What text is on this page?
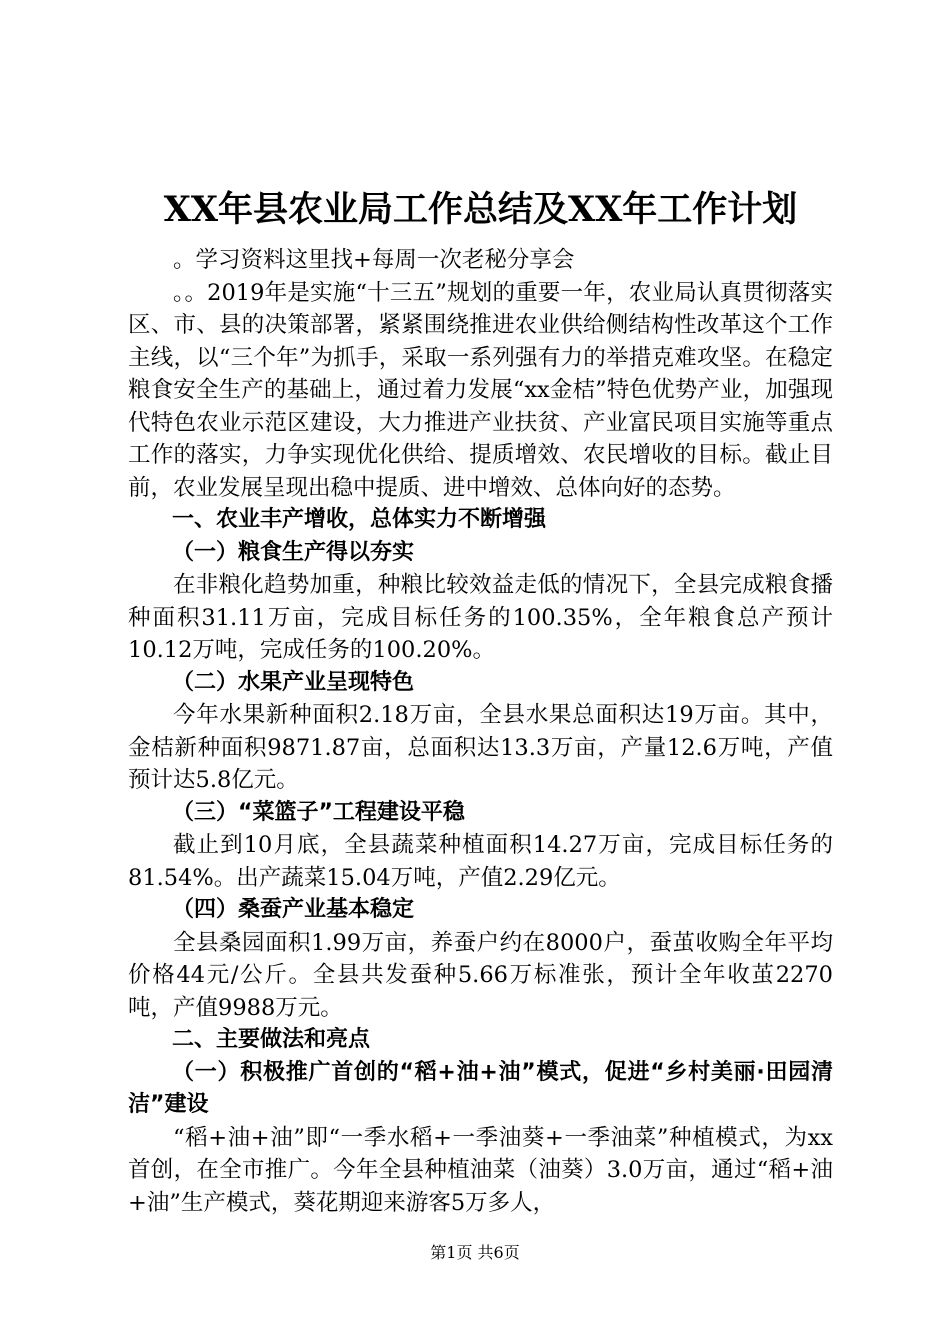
XX年县农业局工作总结及XX年工作计划

。学习资料这里找+每周一次老秘分享会

。。2019年是实施“十三五”规划的重要一年，农业局认真贯彻落实区、市、县的决策部署，紧紧围绕推进农业供给侧结构性改革这个工作主线，以“三个年”为抓手，采取一系列强有力的举措克难攻坚。在稳定粮食安全生产的基础上，通过着力发展“xx金桔”特色优势产业，加强现代特色农业示范区建设，大力推进产业扶贫、产业富民项目实施等重点工作的落实，力争实现优化供给、提质增效、农民增收的目标。截止目前，农业发展呈现出稳中提质、进中增效、总体向好的态势。

一、农业丰产增收，总体实力不断增强

（一）粮食生产得以夯实

在非粮化趋势加重，种粮比较效益走低的情况下，全县完成粮食播种面积31.11万亩，完成目标任务的100.35%，全年粮食总产预计10.12万吨，完成任务的100.20%。

（二）水果产业呈现特色

今年水果新种面积2.18万亩，全县水果总面积达19万亩。其中，金桔新种面积9871.87亩，总面积达13.3万亩，产量12.6万吨，产值预计达5.8亿元。

（三）“菜篮子”工程建设平稳

截止到10月底，全县蔬菜种植面积14.27万亩，完成目标任务的81.54%。出产蔬菜15.04万吨，产值2.29亿元。

（四）桑蚕产业基本稳定

全县桑园面积1.99万亩，养蚕户约在8000户，蚕茧收购全年平均价格44元/公斤。全县共发蚕种5.66万标准张，预计全年收茧2270吨，产值9988万元。

二、主要做法和亮点

（一）积极推广首创的“稻+油+油”模式，促进“乡村美丽·田园清洁”建设

“稻+油+油”即“一季水稻+一季油葵+一季油菜”种植模式，为xx首创，在全市推广。今年全县种植油菜（油葵）3.0万亩，通过“稻+油+油”生产模式，葵花期迎来游客5万多人，

第1页 共6页
